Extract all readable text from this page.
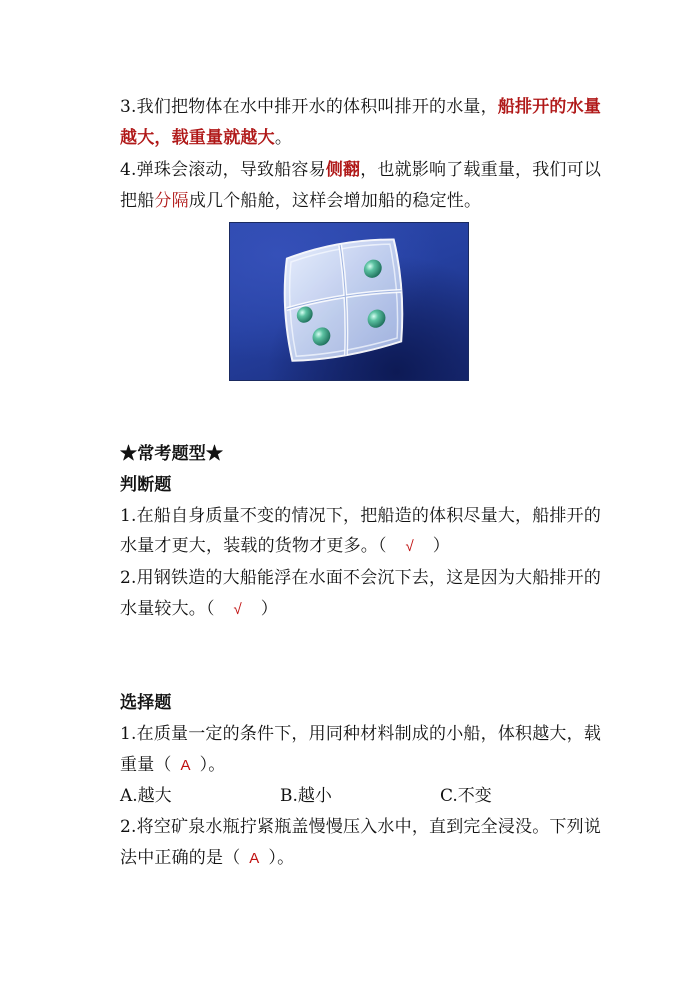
3.我们把物体在水中排开水的体积叫排开的水量，船排开的水量
越大，载重量就越大。
4.弹珠会滚动，导致船容易侧翻，也就影响了载重量，我们可以
把船分隔成几个船舱，这样会增加船的稳定性。
★常考题型★
判断题
1.在船自身质量不变的情况下，把船造的体积尽量大，船排开的
水量才更大，装载的货物才更多。（ √ ）
2.用钢铁造的大船能浮在水面不会沉下去，这是因为大船排开的
水量较大。（ √ ）
选择题
1.在质量一定的条件下，用同种材料制成的小船，体积越大，载
重量（ A ）。
A.越大	B.越小	C.不变
2.将空矿泉水瓶拧紧瓶盖慢慢压入水中，直到完全浸没。下列说
法中正确的是（ A ）。
